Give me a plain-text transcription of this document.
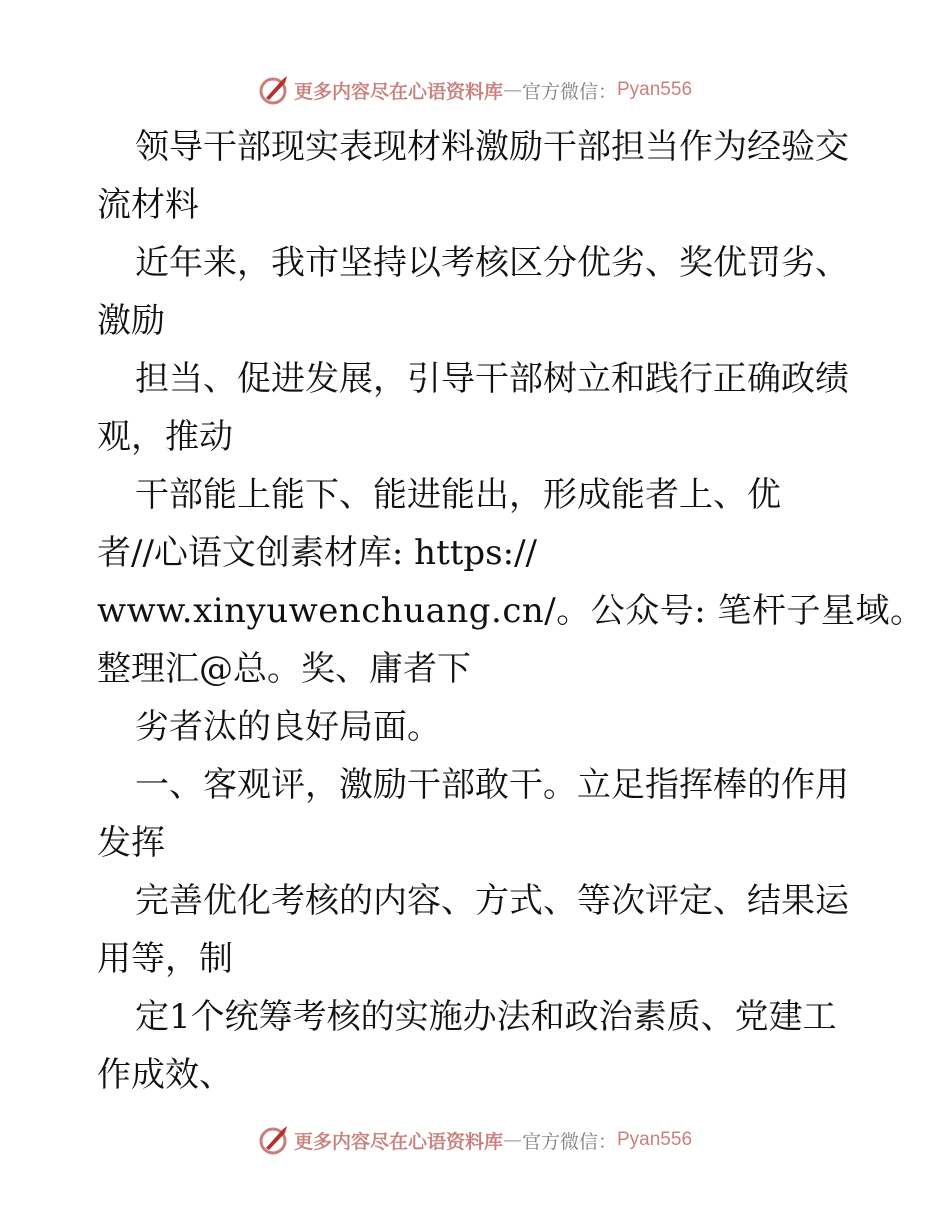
更多内容尽在心语资料库 — 官方微信： Pyan556
领导干部现实表现材料激励干部担当作为经验交
流材料
近年来，我市坚持以考核区分优劣、奖优罚劣、
激励
担当、促进发展，引导干部树立和践行正确政绩
观，推动
干部能上能下、能进能出，形成能者上、优
者//心语文创素材库: https://
www.xinyuwenchuang.cn/。公众号: 笔杆子星域。
整理汇@总。奖、庸者下
劣者汰的良好局面。
一、客观评，激励干部敢干。立足指挥棒的作用
发挥
完善优化考核的内容、方式、等次评定、结果运
用等，制
定1个统筹考核的实施办法和政治素质、党建工
作成效、
更多内容尽在心语资料库 — 官方微信： Pyan556
